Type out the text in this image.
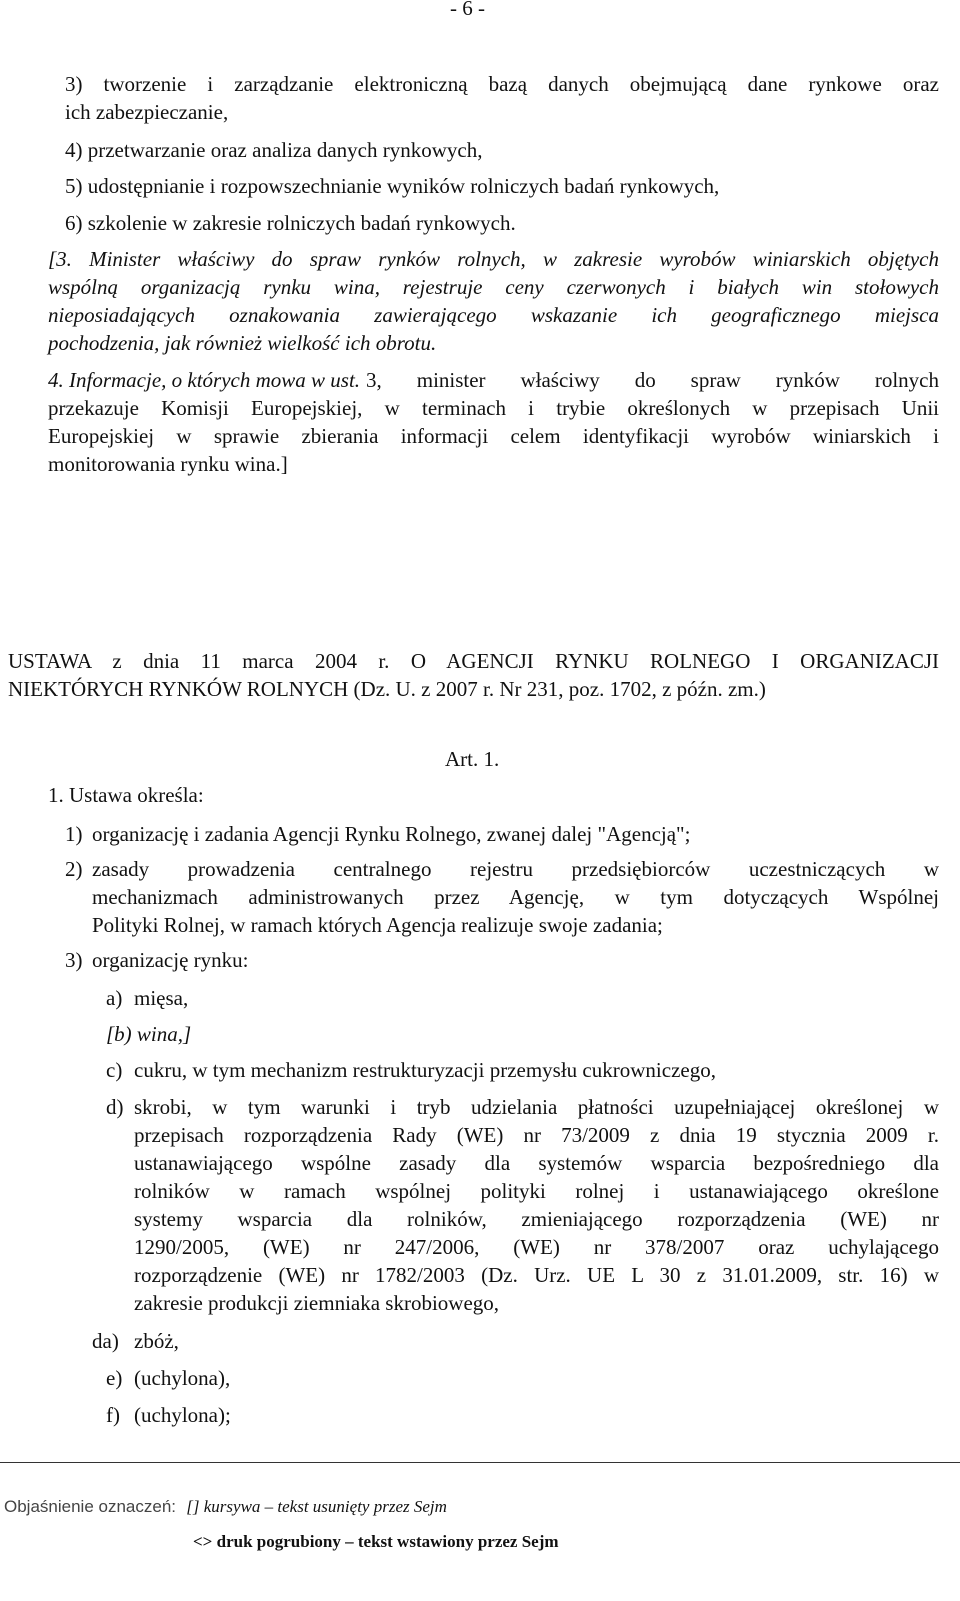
- 6 -
3) tworzenie i zarządzanie elektroniczną bazą danych obejmującą dane rynkowe oraz
ich zabezpieczanie,
4) przetwarzanie oraz analiza danych rynkowych,
5) udostępnianie i rozpowszechnianie wyników rolniczych badań rynkowych,
6) szkolenie w zakresie rolniczych badań rynkowych.
[3. Minister właściwy do spraw rynków rolnych, w zakresie wyrobów winiarskich objętych
wspólną organizacją rynku wina, rejestruje ceny czerwonych i białych win stołowych
nieposiadających oznakowania zawierającego wskazanie ich geograficznego miejsca
pochodzenia, jak również wielkość ich obrotu.
4. Informacje, o których mowa w ust. 3, minister właściwy do spraw rynków rolnych
przekazuje Komisji Europejskiej, w terminach i trybie określonych w przepisach Unii
Europejskiej w sprawie zbierania informacji celem identyfikacji wyrobów winiarskich i
monitorowania rynku wina.]
USTAWA z dnia 11 marca 2004 r. O AGENCJI RYNKU ROLNEGO I ORGANIZACJI
NIEKTÓRYCH RYNKÓW ROLNYCH (Dz. U. z 2007 r. Nr 231, poz. 1702, z późn. zm.)
Art. 1.
1. Ustawa określa:
1) organizację i zadania Agencji Rynku Rolnego, zwanej dalej "Agencją";
2) zasady prowadzenia centralnego rejestru przedsiębiorców uczestniczących w
mechanizmach administrowanych przez Agencję, w tym dotyczących Wspólnej
Polityki Rolnej, w ramach których Agencja realizuje swoje zadania;
3) organizację rynku:
a) mięsa,
[b) wina,]
c) cukru, w tym mechanizm restrukturyzacji przemysłu cukrowniczego,
d) skrobi, w tym warunki i tryb udzielania płatności uzupełniającej określonej w
przepisach rozporządzenia Rady (WE) nr 73/2009 z dnia 19 stycznia 2009 r.
ustanawiającego wspólne zasady dla systemów wsparcia bezpośredniego dla
rolników w ramach wspólnej polityki rolnej i ustanawiającego określone
systemy wsparcia dla rolników, zmieniającego rozporządzenia (WE) nr
1290/2005, (WE) nr 247/2006, (WE) nr 378/2007 oraz uchylającego
rozporządzenie (WE) nr 1782/2003 (Dz. Urz. UE L 30 z 31.01.2009, str. 16) w
zakresie produkcji ziemniaka skrobiowego,
da) zbóż,
e) (uchylona),
f) (uchylona);
Objaśnienie oznaczeń: [] kursywa – tekst usunięty przez Sejm
<> druk pogrubiony – tekst wstawiony przez Sejm
